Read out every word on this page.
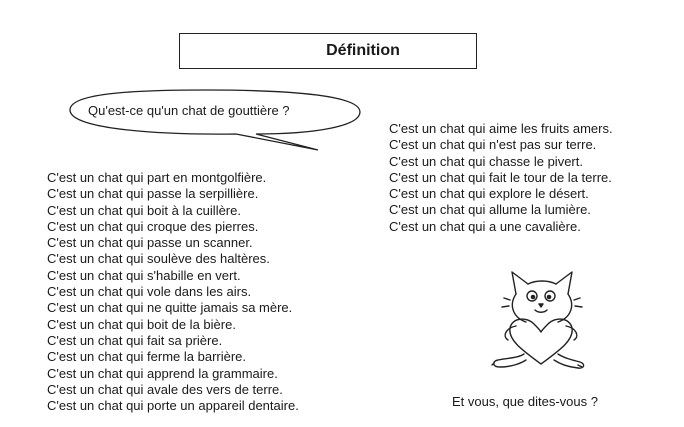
Définition
Qu'est-ce qu'un chat de gouttière ?
C'est un chat qui part en montgolfière.
C'est un chat qui passe la serpillière.
C'est un chat qui boit à la cuillère.
C'est un chat qui croque des pierres.
C'est un chat qui passe un scanner.
C'est un chat qui soulève des haltères.
C'est un chat qui s'habille en vert.
C'est un chat qui vole dans les airs.
C'est un chat qui ne quitte jamais sa mère.
C'est un chat qui boit de la bière.
C'est un chat qui fait sa prière.
C'est un chat qui ferme la barrière.
C'est un chat qui apprend la grammaire.
C'est un chat qui avale des vers de terre.
C'est un chat qui porte un appareil dentaire.
C'est un chat qui aime les fruits amers.
C'est un chat qui n'est pas sur terre.
C'est un chat qui chasse le pivert.
C'est un chat qui fait le tour de la terre.
C'est un chat qui explore le désert.
C'est un chat qui allume la lumière.
C'est un chat qui a une cavalière.
Et vous, que dites-vous ?
